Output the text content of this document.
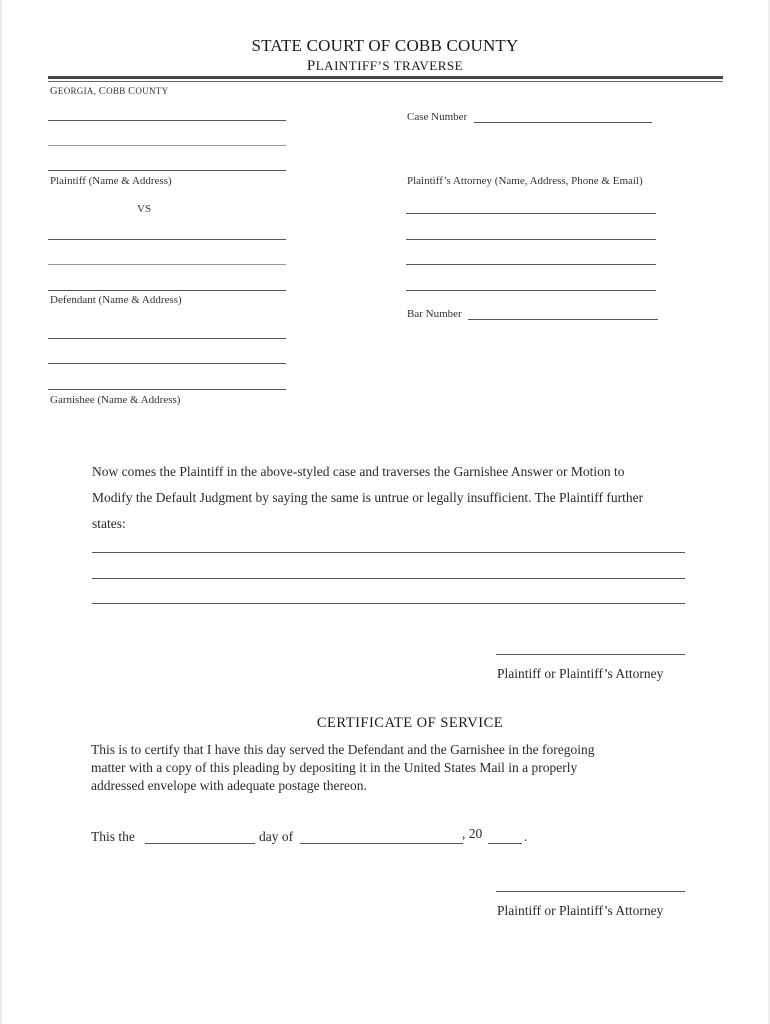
STATE COURT OF COBB COUNTY
PLAINTIFF’S TRAVERSE
GEORGIA, COBB COUNTY
Plaintiff (Name & Address)
VS
Defendant (Name & Address)
Garnishee (Name & Address)
Case Number
Plaintiff’s Attorney (Name, Address, Phone & Email)
Bar Number
Now comes the Plaintiff in the above-styled case and traverses the Garnishee Answer or Motion to
Modify the Default Judgment by saying the same is untrue or legally insufficient. The Plaintiff further
states:
Plaintiff or Plaintiff’s Attorney
CERTIFICATE OF SERVICE
This is to certify that I have this day served the Defendant and the Garnishee in the foregoing
matter with a copy of this pleading by depositing it in the United States Mail in a properly
addressed envelope with adequate postage thereon.
This the	day of	, 20	.
Plaintiff or Plaintiff’s Attorney
